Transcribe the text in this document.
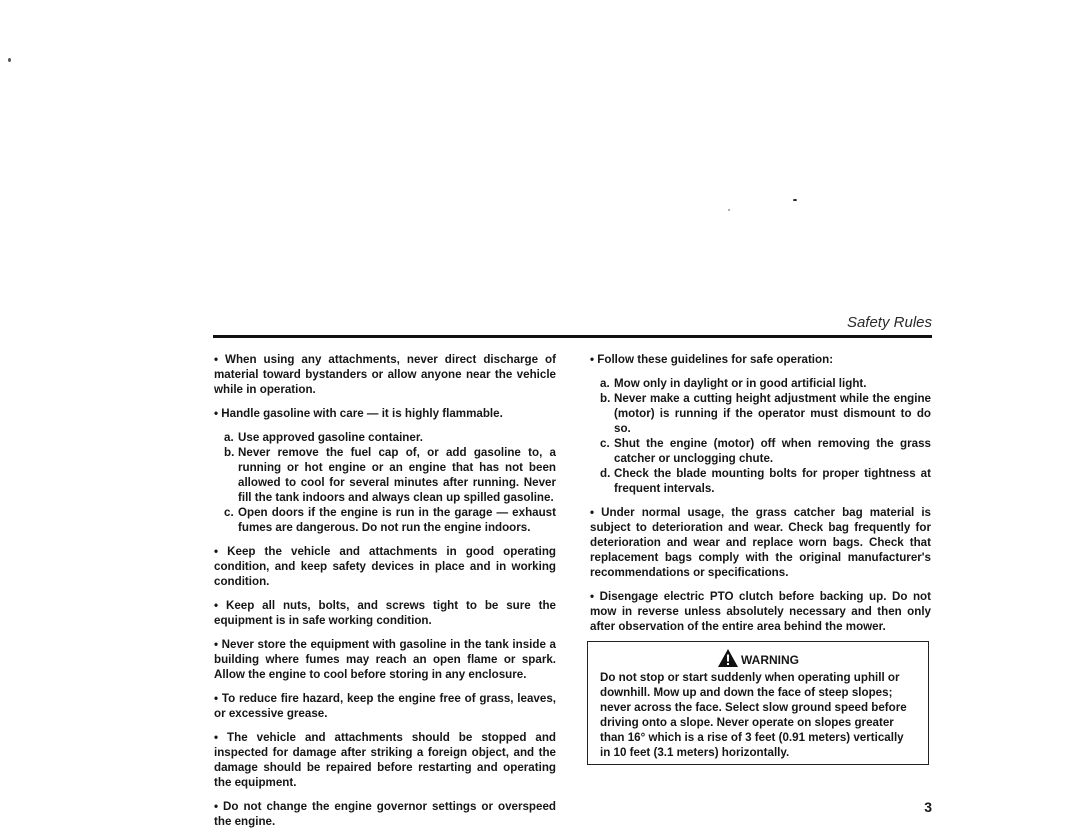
Safety Rules

• When using any attachments, never direct discharge of material toward bystanders or allow anyone near the vehicle while in operation.

• Handle gasoline with care — it is highly flammable.

a. Use approved gasoline container.
b. Never remove the fuel cap of, or add gasoline to, a running or hot engine or an engine that has not been allowed to cool for several minutes after running. Never fill the tank indoors and always clean up spilled gasoline.
c. Open doors if the engine is run in the garage — exhaust fumes are dangerous. Do not run the engine indoors.

• Keep the vehicle and attachments in good operating condition, and keep safety devices in place and in working condition.

• Keep all nuts, bolts, and screws tight to be sure the equipment is in safe working condition.

• Never store the equipment with gasoline in the tank inside a building where fumes may reach an open flame or spark. Allow the engine to cool before storing in any enclosure.

• To reduce fire hazard, keep the engine free of grass, leaves, or excessive grease.

• The vehicle and attachments should be stopped and inspected for damage after striking a foreign object, and the damage should be repaired before restarting and operating the equipment.

• Do not change the engine governor settings or overspeed the engine.

• Follow these guidelines for safe operation:

a. Mow only in daylight or in good artificial light.
b. Never make a cutting height adjustment while the engine (motor) is running if the operator must dismount to do so.
c. Shut the engine (motor) off when removing the grass catcher or unclogging chute.
d. Check the blade mounting bolts for proper tightness at frequent intervals.

• Under normal usage, the grass catcher bag material is subject to deterioration and wear. Check bag frequently for deterioration and wear and replace worn bags. Check that replacement bags comply with the original manufacturer's recommendations or specifications.

• Disengage electric PTO clutch before backing up. Do not mow in reverse unless absolutely necessary and then only after observation of the entire area behind the mower.

WARNING
Do not stop or start suddenly when operating uphill or downhill. Mow up and down the face of steep slopes; never across the face. Select slow ground speed before driving onto a slope. Never operate on slopes greater than 16° which is a rise of 3 feet (0.91 meters) vertically in 10 feet (3.1 meters) horizontally.
3
